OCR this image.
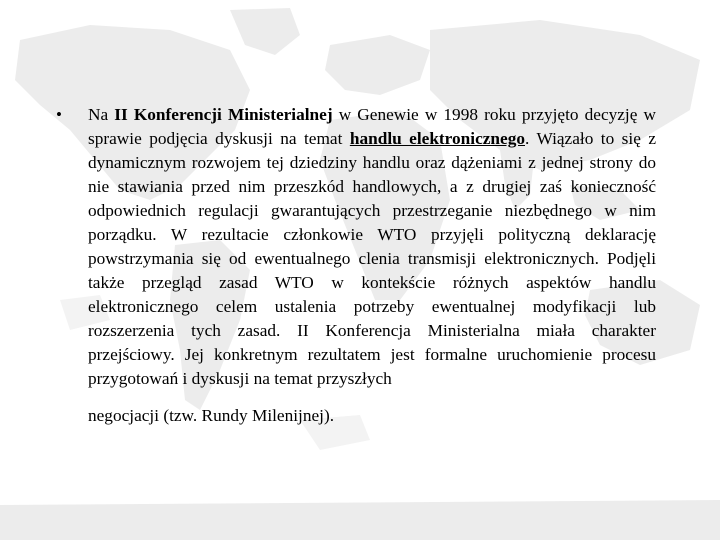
• Na II Konferencji Ministerialnej w Genewie w 1998 roku przyjęto decyzję w sprawie podjęcia dyskusji na temat handlu elektronicznego. Wiązało to się z dynamicznym rozwojem tej dziedziny handlu oraz dążeniami z jednej strony do nie stawiania przed nim przeszkód handlowych, a z drugiej zaś konieczność odpowiednich regulacji gwarantujących przestrzeganie niezbędnego w nim porządku. W rezultacie członkowie WTO przyjęli polityczną deklarację powstrzymania się od ewentualnego clenia transmisji elektronicznych. Podjęli także przegląd zasad WTO w kontekście różnych aspektów handlu elektronicznego celem ustalenia potrzeby ewentualnej modyfikacji lub rozszerzenia tych zasad. II Konferencja Ministerialna miała charakter przejściowy. Jej konkretnym rezultatem jest formalne uruchomienie procesu przygotowań i dyskusji na temat przyszłych

negocjacji (tzw. Rundy Milenijnej).
